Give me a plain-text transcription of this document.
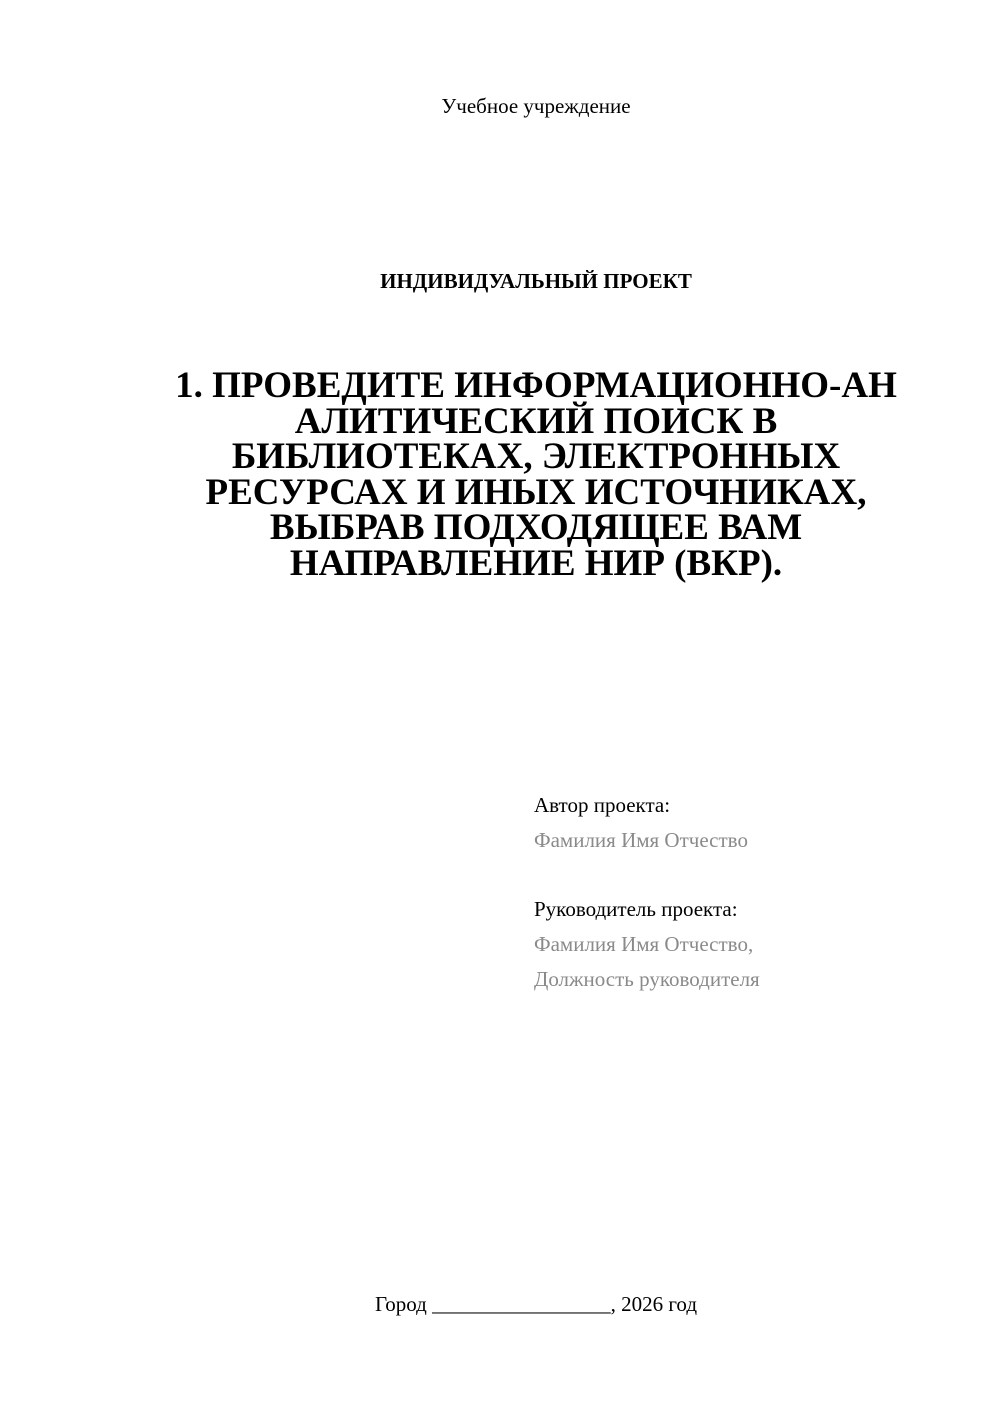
Учебное учреждение
ИНДИВИДУАЛЬНЫЙ ПРОЕКТ
1. ПРОВЕДИТЕ ИНФОРМАЦИОННО-АН
АЛИТИЧЕСКИЙ ПОИСК В
БИБЛИОТЕКАХ, ЭЛЕКТРОННЫХ
РЕСУРСАХ И ИНЫХ ИСТОЧНИКАХ,
ВЫБРАВ ПОДХОДЯЩЕЕ ВАМ
НАПРАВЛЕНИЕ НИР (ВКР).
Автор проекта:
Фамилия Имя Отчество
Руководитель проекта:
Фамилия Имя Отчество,
Должность руководителя
Город _________________, 2026 год
